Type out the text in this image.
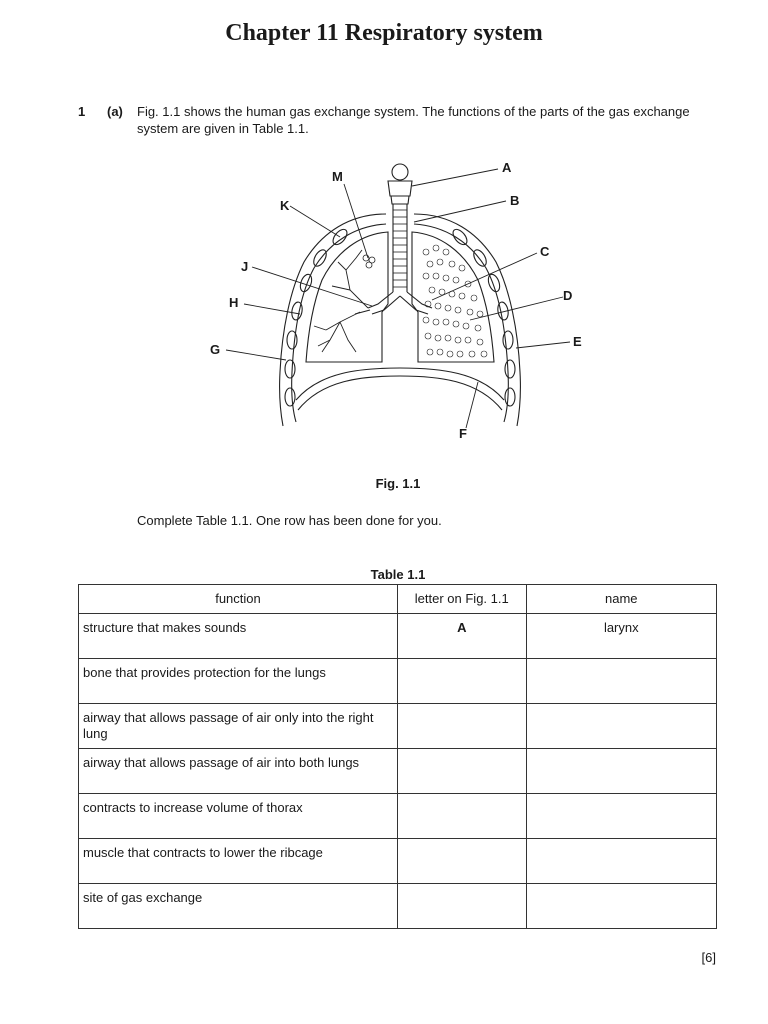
Chapter 11 Respiratory system
1 (a) Fig. 1.1 shows the human gas exchange system. The functions of the parts of the gas exchange system are given in Table 1.1.
A
B
C
D
E
F
G
H
J
K
M
Fig. 1.1
Complete Table 1.1. One row has been done for you.
Table 1.1
function	letter on Fig. 1.1	name
structure that makes sounds	A	larynx
bone that provides protection for the lungs		
airway that allows passage of air only into the right lung		
airway that allows passage of air into both lungs		
contracts to increase volume of thorax		
muscle that contracts to lower the ribcage		
site of gas exchange		
[6]
